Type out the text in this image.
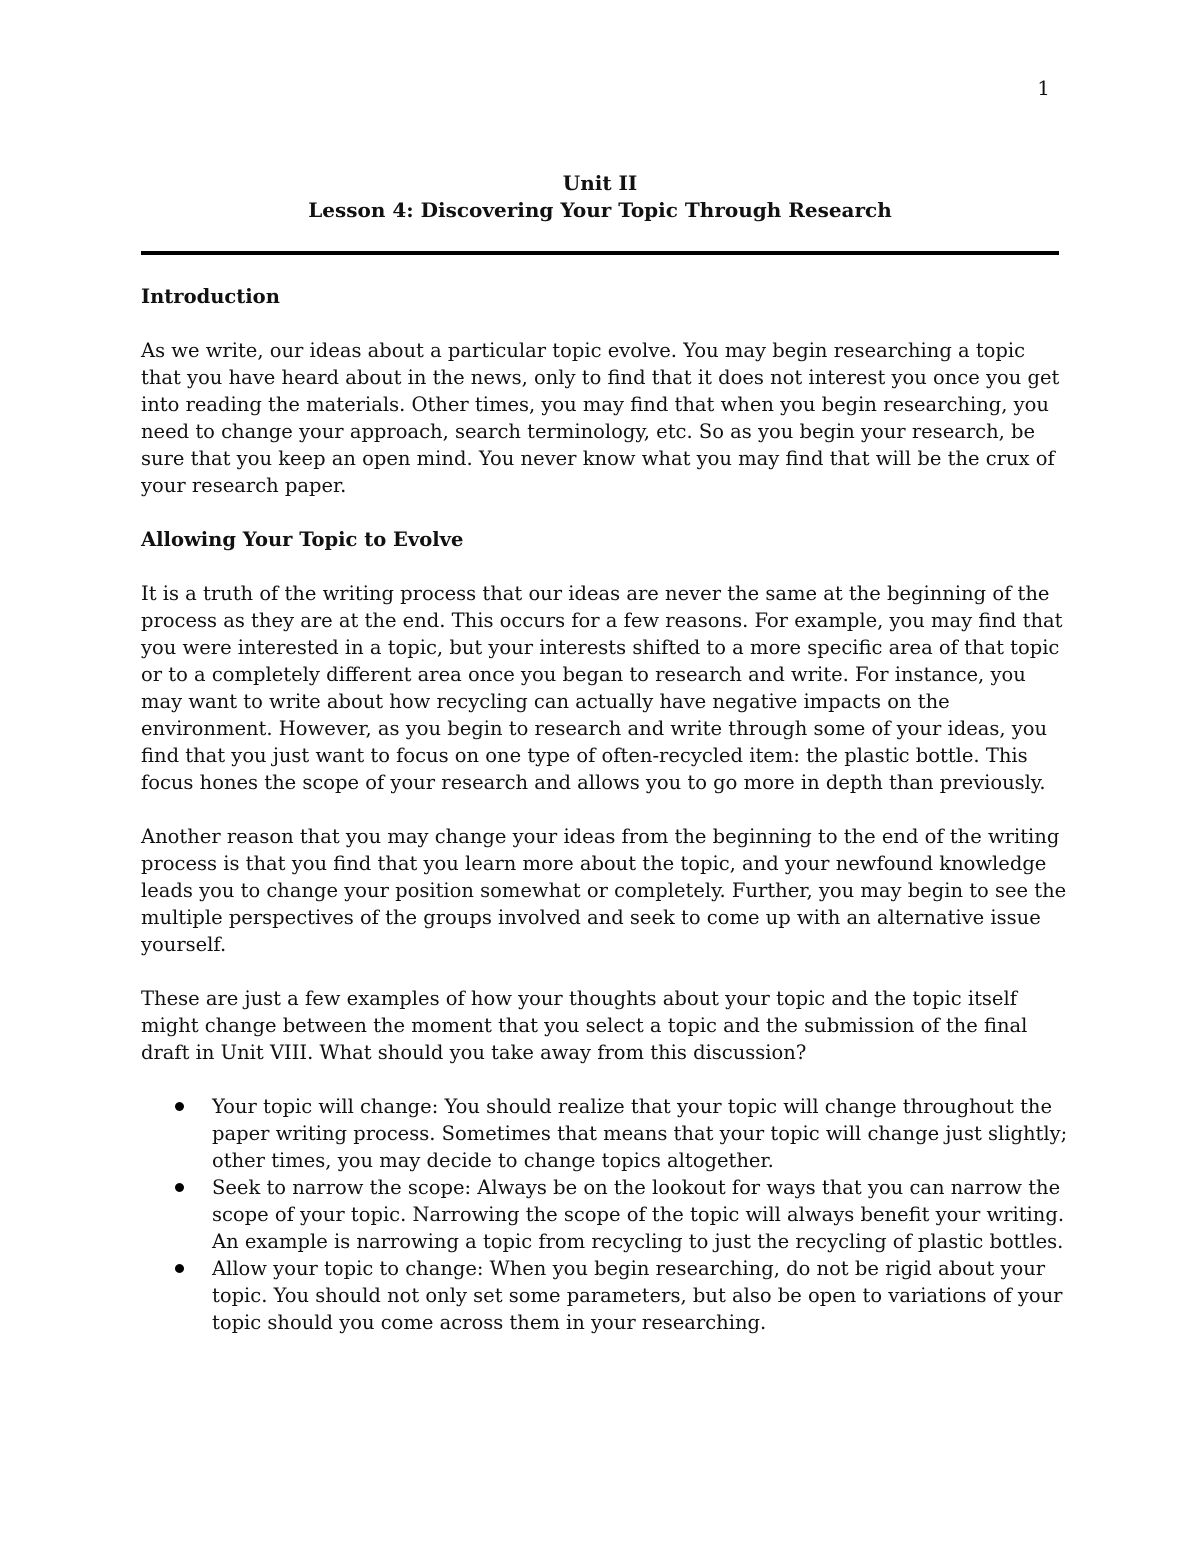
1
Unit II
Lesson 4: Discovering Your Topic Through Research
Introduction

As we write, our ideas about a particular topic evolve. You may begin researching a topic that you have heard about in the news, only to find that it does not interest you once you get into reading the materials. Other times, you may find that when you begin researching, you need to change your approach, search terminology, etc. So as you begin your research, be sure that you keep an open mind. You never know what you may find that will be the crux of your research paper.

Allowing Your Topic to Evolve

It is a truth of the writing process that our ideas are never the same at the beginning of the process as they are at the end. This occurs for a few reasons. For example, you may find that you were interested in a topic, but your interests shifted to a more specific area of that topic or to a completely different area once you began to research and write. For instance, you may want to write about how recycling can actually have negative impacts on the environment. However, as you begin to research and write through some of your ideas, you find that you just want to focus on one type of often-recycled item: the plastic bottle. This focus hones the scope of your research and allows you to go more in depth than previously.

Another reason that you may change your ideas from the beginning to the end of the writing process is that you find that you learn more about the topic, and your newfound knowledge leads you to change your position somewhat or completely. Further, you may begin to see the multiple perspectives of the groups involved and seek to come up with an alternative issue yourself.

These are just a few examples of how your thoughts about your topic and the topic itself might change between the moment that you select a topic and the submission of the final draft in Unit VIII. What should you take away from this discussion?

Your topic will change: You should realize that your topic will change throughout the paper writing process. Sometimes that means that your topic will change just slightly; other times, you may decide to change topics altogether.
Seek to narrow the scope: Always be on the lookout for ways that you can narrow the scope of your topic. Narrowing the scope of the topic will always benefit your writing. An example is narrowing a topic from recycling to just the recycling of plastic bottles.
Allow your topic to change: When you begin researching, do not be rigid about your topic. You should not only set some parameters, but also be open to variations of your topic should you come across them in your researching.
